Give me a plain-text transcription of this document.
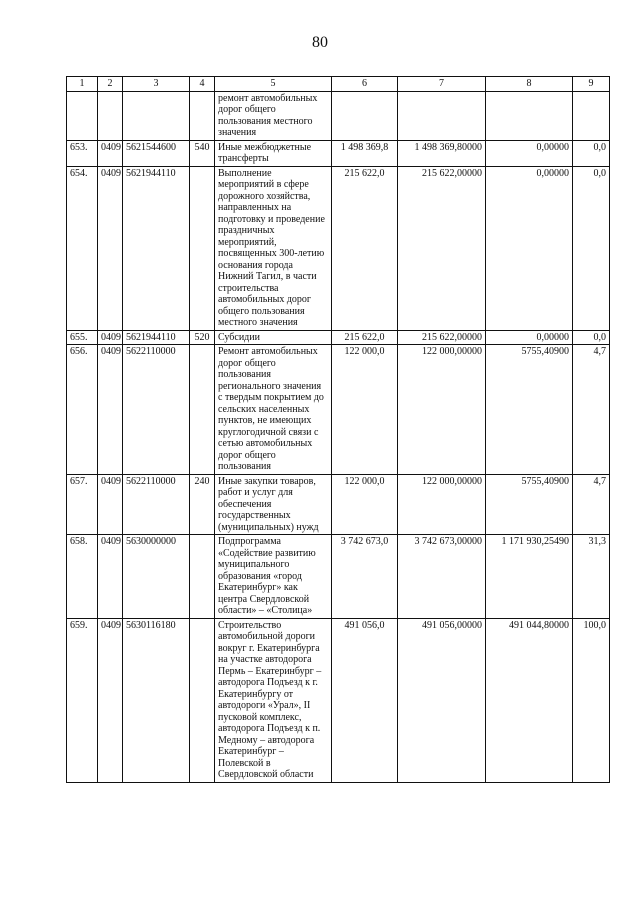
80
1	2	3	4	5	6	7	8	9
				ремонт автомобильных дорог общего пользования местного значения				
653.	0409	5621544600	540	Иные межбюджетные трансферты	1 498 369,8	1 498 369,80000	0,00000	0,0
654.	0409	5621944110		Выполнение мероприятий в сфере дорожного хозяйства, направленных на подготовку и проведение праздничных мероприятий, посвященных 300-летию основания города Нижний Тагил, в части строительства автомобильных дорог общего пользования местного значения	215 622,0	215 622,00000	0,00000	0,0
655.	0409	5621944110	520	Субсидии	215 622,0	215 622,00000	0,00000	0,0
656.	0409	5622110000		Ремонт автомобильных дорог общего пользования регионального значения с твердым покрытием до сельских населенных пунктов, не имеющих круглогодичной связи с сетью автомобильных дорог общего пользования	122 000,0	122 000,00000	5755,40900	4,7
657.	0409	5622110000	240	Иные закупки товаров, работ и услуг для обеспечения государственных (муниципальных) нужд	122 000,0	122 000,00000	5755,40900	4,7
658.	0409	5630000000		Подпрограмма «Содействие развитию муниципального образования «город Екатеринбург» как центра Свердловской области» – «Столица»	3 742 673,0	3 742 673,00000	1 171 930,25490	31,3
659.	0409	5630116180		Строительство автомобильной дороги вокруг г. Екатеринбурга на участке автодорога Пермь – Екатеринбург – автодорога Подъезд к г. Екатеринбургу от автодороги «Урал», II пусковой комплекс, автодорога Подъезд к п. Медному – автодорога Екатеринбург – Полевской в Свердловской области	491 056,0	491 056,00000	491 044,80000	100,0
